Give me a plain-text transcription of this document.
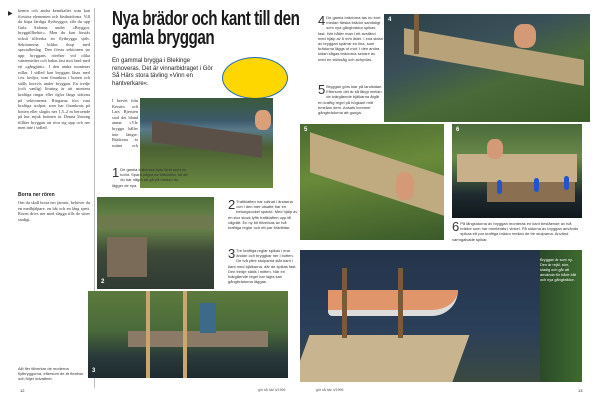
▶
kemin och andra kemikalier som kan förstöra elementen och fästbrädorna. Vill du köpa färdiga flytbryggor, slår du upp Gula Sidorna under »Bryggor, bryggtillbehör«. Men du kan förstås också tillverka en flytbrygga själv. Sektionerna bildas ihop med specialbeslag. Den första sektionen tar upp bryggans rörelser vid olika vattennivåer och hakas fast mot land med ett »gångjärn«. I den andra monteras rullar. I sidled kan bryggan låsas med t.ex. kedjor, som förankras i botten och ställs korsvis under bryggan. En tredje (och vanlig) lösning är att montera kraftiga ringar eller öglor längs sidorna på sektionerna. Ringarna förs runt kraftiga stolpar, som har förankrats på botten eller slagits ner 1,5–2 m beroende på hur mjuk bottnen är. Denna lösning tillåter bryggan att röra sig upp och ner men inte i sidled.
Borra ner rören
Om du skall borra ner järnrör, behöver du en medhjälpare, en båt och en lång spett. Rören drivs ner med slägga tills de sitter stadigt.
Allt fler tillverkar de moderna flytbryggorna, eftersom de är flexibla och följer tidvattnet.
Nya brädor och kant till den gamla bryggan
En gammal brygga i Blekinge renoveras. Det är vinnarbidraget i Gör Så Härs stora tävling »Vinn en hantverkare«.
I brevet från Kerstin och Lars Bjersten stod det bland annat: »Vår brygga håller inte längre. Brädorna är ruttna och
1 De gamla brädorna byts först med en kofot. Spara några av brädorna, så att du har något att gå på medan du lägger de nya.
2
2 Trafiklaften har roltnat i ändarna och i den mer utsatte har en betongsockel spackt. Med hjälp av en stor stock lyfts trafiklaften upp till vågrätt. En ny bit tillverkas av två kraftiga reglar och ett par brädbitar.
3 Tre kraftiga reglar spikas i ena ändan och bryggkar ner i botten. De två yttre stolparna står kant i kant med bjälkarna, där de spikas fast. Den tredje ställs i mitten. När en tvärgående regel har lagts kan gångbrädorna läggas.
3
12	gör så här 4/1996
4 De gamla brädorna tas nu bort medan färska brädor samtidigt som nya gångbrädor spikas fast. Här håller man i ett avstånd med hjälp av 6 mm lister. I ena sidan av bryggan spärrar en lina, som brädorna läggs ut mot. I den andra sidan sågas brädorna senare av med en sticksåg och avhyvlas.
5 Bryggan görs klar på landsidan. Eftersom det är så långt mellan de tvärgående bjälkarna åtgår en kraftig regel på högkant mitt emellan dem. Ansats kommer gångbrädorna att gunga.
4
5	6
6 På långsidorna av bryggan monteras en kant bestående av två brädor som har monterats i vinkel. På sidorna av bryggan används spikas ett par kraftiga brädor mellan de tre stolparna. Använd varmgalvade spikar.
Bryggan är som ny. Den är rejäl, stor, stadig och går att använda för både båt och nya gångbrädor.
gör så här 4/1996	13
